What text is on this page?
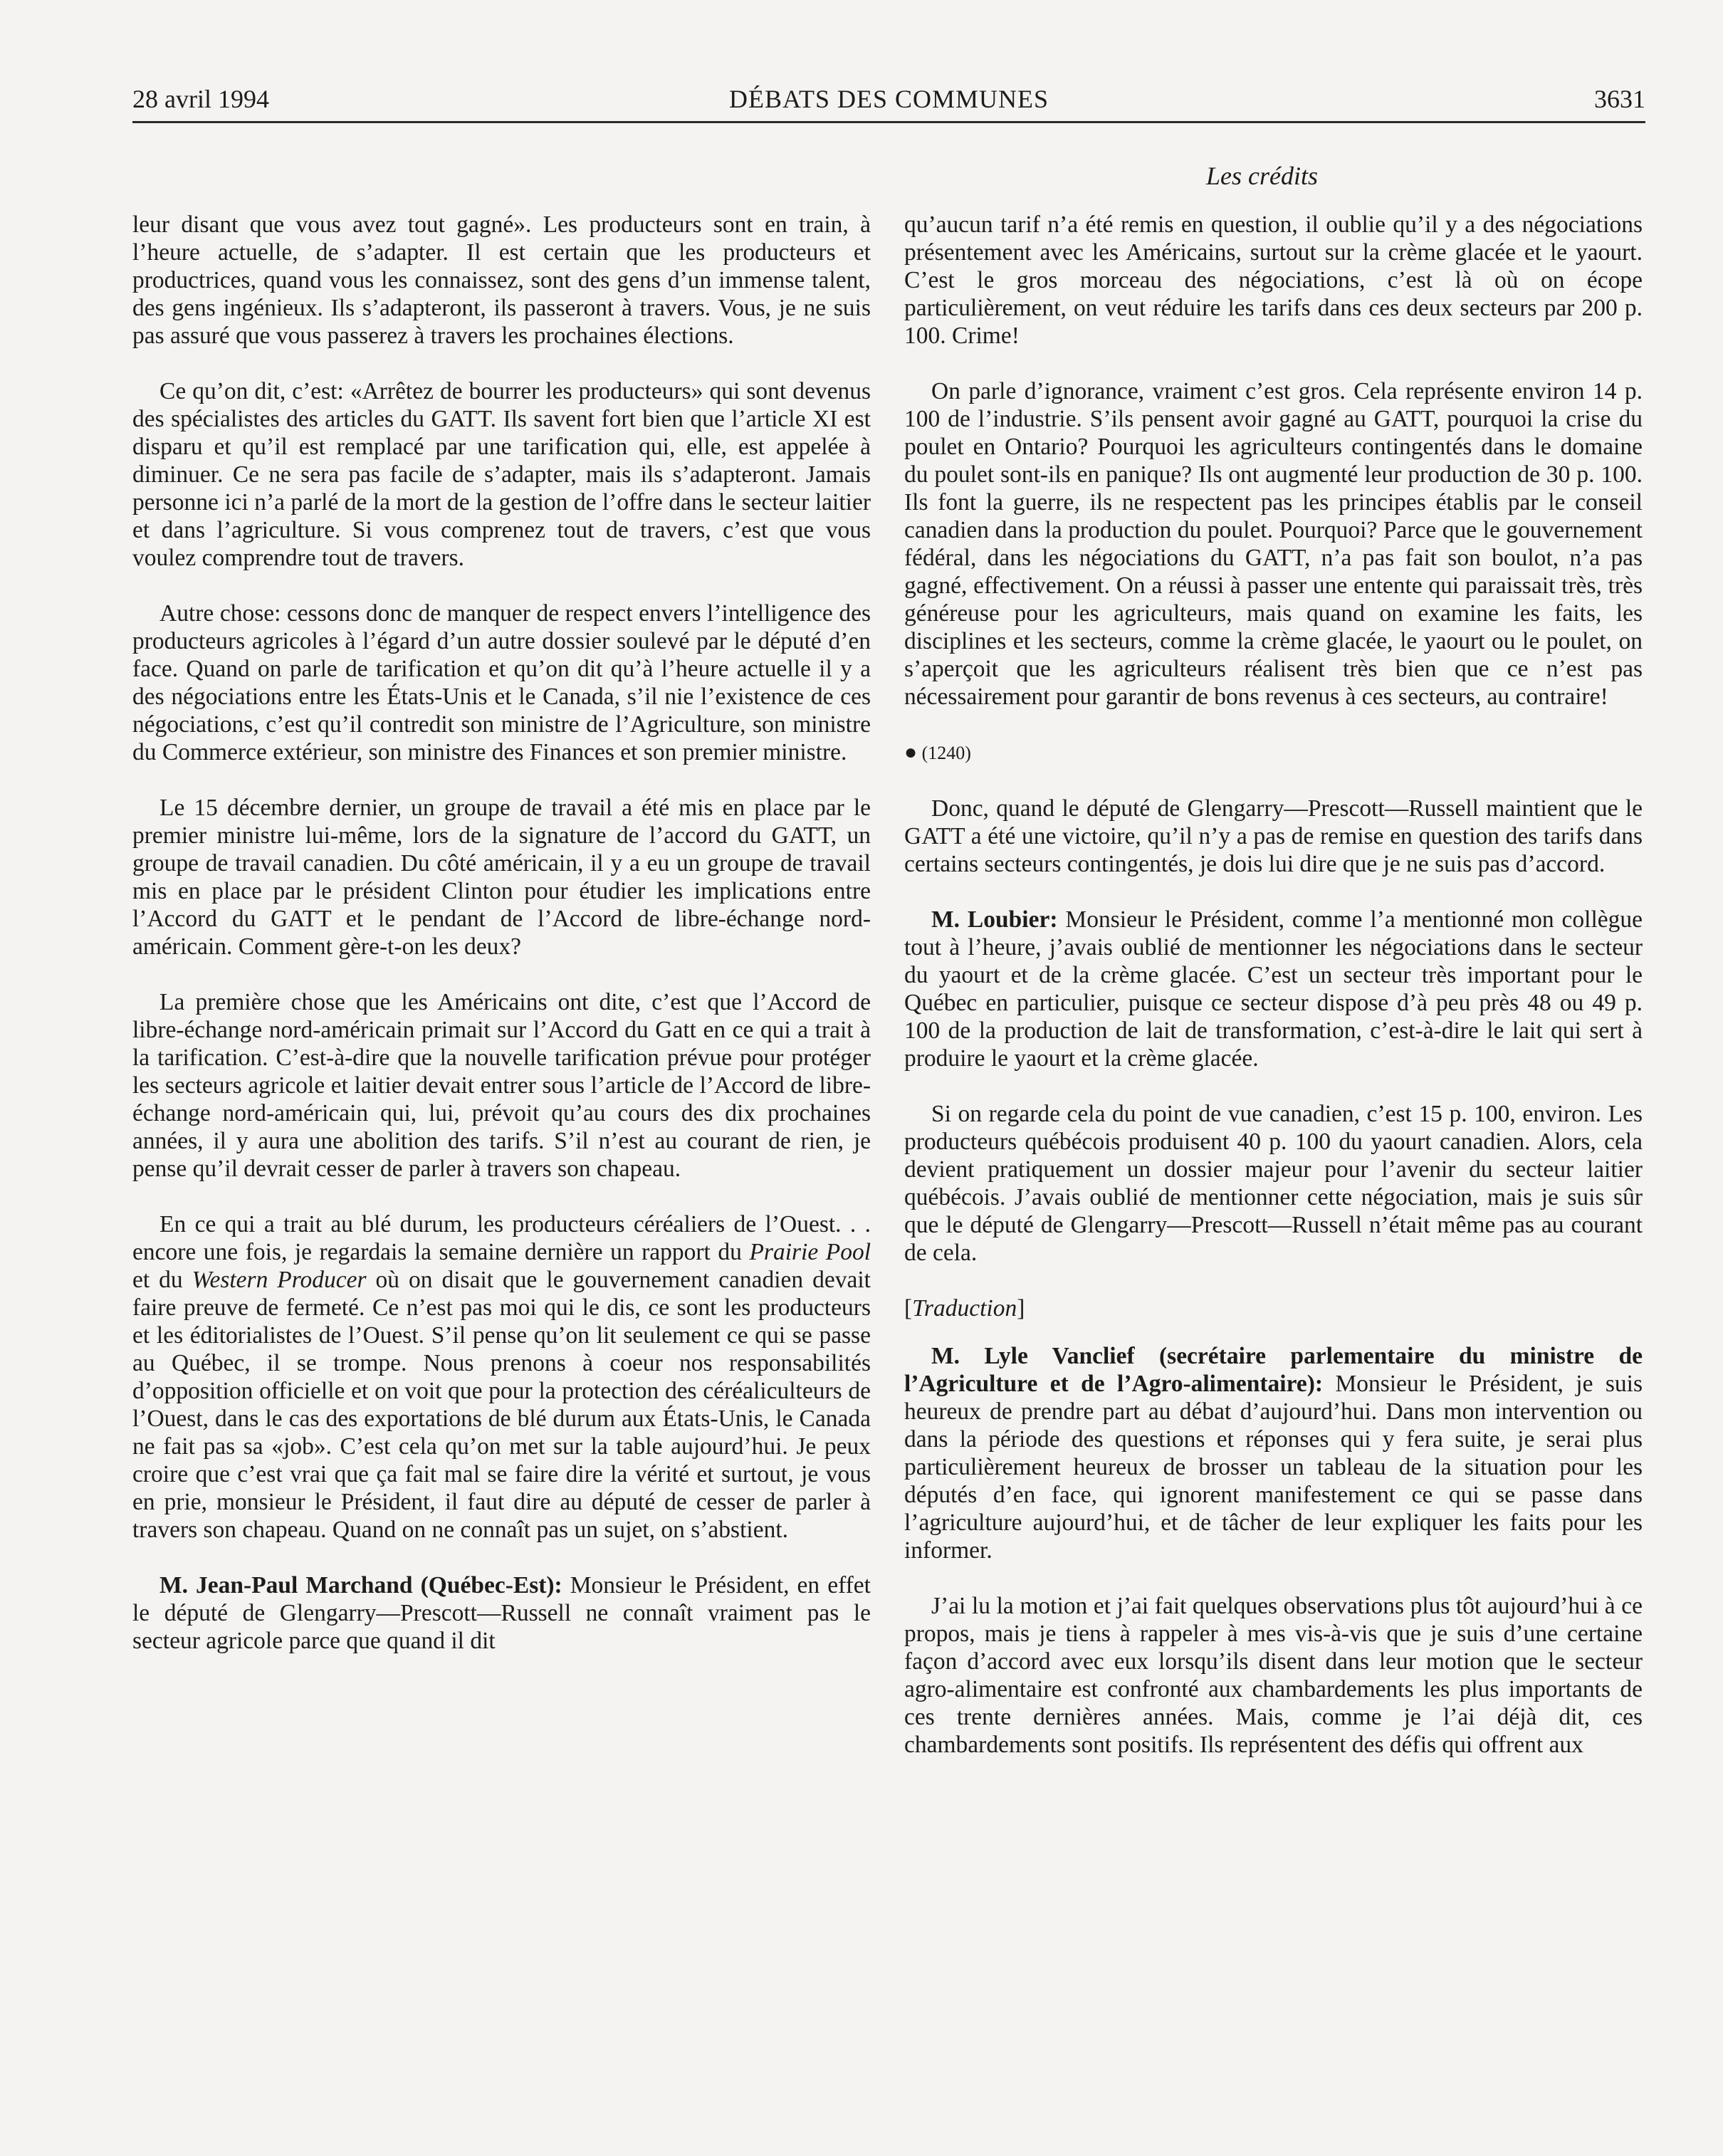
28 avril 1994	DÉBATS DES COMMUNES	3631
Les crédits

leur disant que vous avez tout gagné». Les producteurs sont en train, à l’heure actuelle, de s’adapter. Il est certain que les producteurs et productrices, quand vous les connaissez, sont des gens d’un immense talent, des gens ingénieux. Ils s’adapteront, ils passeront à travers. Vous, je ne suis pas assuré que vous passerez à travers les prochaines élections.

Ce qu’on dit, c’est: «Arrêtez de bourrer les producteurs» qui sont devenus des spécialistes des articles du GATT. Ils savent fort bien que l’article XI est disparu et qu’il est remplacé par une tarification qui, elle, est appelée à diminuer. Ce ne sera pas facile de s’adapter, mais ils s’adapteront. Jamais personne ici n’a parlé de la mort de la gestion de l’offre dans le secteur laitier et dans l’agriculture. Si vous comprenez tout de travers, c’est que vous voulez comprendre tout de travers.

Autre chose: cessons donc de manquer de respect envers l’intelligence des producteurs agricoles à l’égard d’un autre dossier soulevé par le député d’en face. Quand on parle de tarification et qu’on dit qu’à l’heure actuelle il y a des négociations entre les États-Unis et le Canada, s’il nie l’existence de ces négociations, c’est qu’il contredit son ministre de l’Agriculture, son ministre du Commerce extérieur, son ministre des Finances et son premier ministre.

Le 15 décembre dernier, un groupe de travail a été mis en place par le premier ministre lui-même, lors de la signature de l’accord du GATT, un groupe de travail canadien. Du côté américain, il y a eu un groupe de travail mis en place par le président Clinton pour étudier les implications entre l’Accord du GATT et le pendant de l’Accord de libre-échange nord-américain. Comment gère-t-on les deux?

La première chose que les Américains ont dite, c’est que l’Accord de libre-échange nord-américain primait sur l’Accord du Gatt en ce qui a trait à la tarification. C’est-à-dire que la nouvelle tarification prévue pour protéger les secteurs agricole et laitier devait entrer sous l’article de l’Accord de libre-échange nord-américain qui, lui, prévoit qu’au cours des dix prochaines années, il y aura une abolition des tarifs. S’il n’est au courant de rien, je pense qu’il devrait cesser de parler à travers son chapeau.

En ce qui a trait au blé durum, les producteurs céréaliers de l’Ouest. . . encore une fois, je regardais la semaine dernière un rapport du Prairie Pool et du Western Producer où on disait que le gouvernement canadien devait faire preuve de fermeté. Ce n’est pas moi qui le dis, ce sont les producteurs et les éditorialistes de l’Ouest. S’il pense qu’on lit seulement ce qui se passe au Québec, il se trompe. Nous prenons à coeur nos responsabilités d’opposition officielle et on voit que pour la protection des céréaliculteurs de l’Ouest, dans le cas des exportations de blé durum aux États-Unis, le Canada ne fait pas sa «job». C’est cela qu’on met sur la table aujourd’hui. Je peux croire que c’est vrai que ça fait mal se faire dire la vérité et surtout, je vous en prie, monsieur le Président, il faut dire au député de cesser de parler à travers son chapeau. Quand on ne connaît pas un sujet, on s’abstient.

M. Jean-Paul Marchand (Québec-Est): Monsieur le Président, en effet le député de Glengarry—Prescott—Russell ne connaît vraiment pas le secteur agricole parce que quand il dit

qu’aucun tarif n’a été remis en question, il oublie qu’il y a des négociations présentement avec les Américains, surtout sur la crème glacée et le yaourt. C’est le gros morceau des négociations, c’est là où on écope particulièrement, on veut réduire les tarifs dans ces deux secteurs par 200 p. 100. Crime!

On parle d’ignorance, vraiment c’est gros. Cela représente environ 14 p. 100 de l’industrie. S’ils pensent avoir gagné au GATT, pourquoi la crise du poulet en Ontario? Pourquoi les agriculteurs contingentés dans le domaine du poulet sont-ils en panique? Ils ont augmenté leur production de 30 p. 100. Ils font la guerre, ils ne respectent pas les principes établis par le conseil canadien dans la production du poulet. Pourquoi? Parce que le gouvernement fédéral, dans les négociations du GATT, n’a pas fait son boulot, n’a pas gagné, effectivement. On a réussi à passer une entente qui paraissait très, très généreuse pour les agriculteurs, mais quand on examine les faits, les disciplines et les secteurs, comme la crème glacée, le yaourt ou le poulet, on s’aperçoit que les agriculteurs réalisent très bien que ce n’est pas nécessairement pour garantir de bons revenus à ces secteurs, au contraire!

● (1240)

Donc, quand le député de Glengarry—Prescott—Russell maintient que le GATT a été une victoire, qu’il n’y a pas de remise en question des tarifs dans certains secteurs contingentés, je dois lui dire que je ne suis pas d’accord.

M. Loubier: Monsieur le Président, comme l’a mentionné mon collègue tout à l’heure, j’avais oublié de mentionner les négociations dans le secteur du yaourt et de la crème glacée. C’est un secteur très important pour le Québec en particulier, puisque ce secteur dispose d’à peu près 48 ou 49 p. 100 de la production de lait de transformation, c’est-à-dire le lait qui sert à produire le yaourt et la crème glacée.

Si on regarde cela du point de vue canadien, c’est 15 p. 100, environ. Les producteurs québécois produisent 40 p. 100 du yaourt canadien. Alors, cela devient pratiquement un dossier majeur pour l’avenir du secteur laitier québécois. J’avais oublié de mentionner cette négociation, mais je suis sûr que le député de Glengarry—Prescott—Russell n’était même pas au courant de cela.

[Traduction]

M. Lyle Vanclief (secrétaire parlementaire du ministre de l’Agriculture et de l’Agro-alimentaire): Monsieur le Président, je suis heureux de prendre part au débat d’aujourd’hui. Dans mon intervention ou dans la période des questions et réponses qui y fera suite, je serai plus particulièrement heureux de brosser un tableau de la situation pour les députés d’en face, qui ignorent manifestement ce qui se passe dans l’agriculture aujourd’hui, et de tâcher de leur expliquer les faits pour les informer.

J’ai lu la motion et j’ai fait quelques observations plus tôt aujourd’hui à ce propos, mais je tiens à rappeler à mes vis-à-vis que je suis d’une certaine façon d’accord avec eux lorsqu’ils disent dans leur motion que le secteur agro-alimentaire est confronté aux chambardements les plus importants de ces trente dernières années. Mais, comme je l’ai déjà dit, ces chambardements sont positifs. Ils représentent des défis qui offrent aux
